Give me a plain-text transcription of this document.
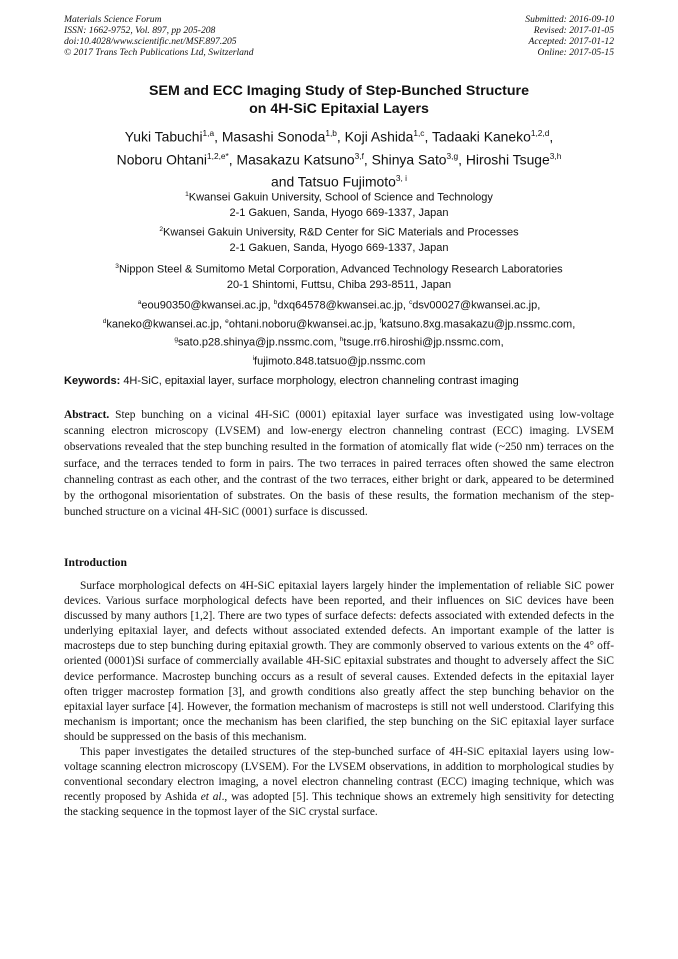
Materials Science Forum
ISSN: 1662-9752, Vol. 897, pp 205-208
doi:10.4028/www.scientific.net/MSF.897.205
© 2017 Trans Tech Publications Ltd, Switzerland
Submitted: 2016-09-10
Revised: 2017-01-05
Accepted: 2017-01-12
Online: 2017-05-15
SEM and ECC Imaging Study of Step-Bunched Structure
on 4H-SiC Epitaxial Layers
Yuki Tabuchi$^{1,a}$, Masashi Sonoda$^{1,b}$, Koji Ashida$^{1,c}$, Tadaaki Kaneko$^{1,2,d}$,
Noboru Ohtani$^{1,2,e*}$, Masakazu Katsuno$^{3,f}$, Shinya Sato$^{3,g}$, Hiroshi Tsuge$^{3,h}$
and Tatsuo Fujimoto$^{3, i}$
$^1$Kwansei Gakuin University, School of Science and Technology
2-1 Gakuen, Sanda, Hyogo 669-1337, Japan
$^2$Kwansei Gakuin University, R&D Center for SiC Materials and Processes
2-1 Gakuen, Sanda, Hyogo 669-1337, Japan
$^3$Nippon Steel & Sumitomo Metal Corporation, Advanced Technology Research Laboratories
20-1 Shintomi, Futtsu, Chiba 293-8511, Japan
$^a$eou90350@kwansei.ac.jp, $^b$dxq64578@kwansei.ac.jp, $^c$dsv00027@kwansei.ac.jp,
$^d$kaneko@kwansei.ac.jp, $^e$ohtani.noboru@kwansei.ac.jp, $^f$katsuno.8xg.masakazu@jp.nssmc.com,
$^g$sato.p28.shinya@jp.nssmc.com, $^h$tsuge.rr6.hiroshi@jp.nssmc.com,
$^i$fujimoto.848.tatsuo@jp.nssmc.com
Keywords: 4H-SiC, epitaxial layer, surface morphology, electron channeling contrast imaging
Abstract. Step bunching on a vicinal 4H-SiC (0001) epitaxial layer surface was investigated using low-voltage scanning electron microscopy (LVSEM) and low-energy electron channeling contrast (ECC) imaging. LVSEM observations revealed that the step bunching resulted in the formation of atomically flat wide (~250 nm) terraces on the surface, and the terraces tended to form in pairs. The two terraces in paired terraces often showed the same electron channeling contrast as each other, and the contrast of the two terraces, either bright or dark, appeared to be determined by the orthogonal misorientation of substrates. On the basis of these results, the formation mechanism of the step-bunched structure on a vicinal 4H-SiC (0001) surface is discussed.
Introduction

Surface morphological defects on 4H-SiC epitaxial layers largely hinder the implementation of reliable SiC power devices. Various surface morphological defects have been reported, and their influences on SiC devices have been discussed by many authors [1,2]. There are two types of surface defects: defects associated with extended defects in the underlying epitaxial layer, and defects without associated extended defects. An important example of the latter is macrosteps due to step bunching during epitaxial growth. They are commonly observed to various extents on the 4° off-oriented (0001)Si surface of commercially available 4H-SiC epitaxial substrates and thought to adversely affect the SiC device performance. Macrostep bunching occurs as a result of several causes. Extended defects in the epitaxial layer often trigger macrostep formation [3], and growth conditions also greatly affect the step bunching behavior on the epitaxial layer surface [4]. However, the formation mechanism of macrosteps is still not well understood. Clarifying this mechanism is important; once the mechanism has been clarified, the step bunching on the SiC epitaxial layer surface should be suppressed on the basis of this mechanism.

This paper investigates the detailed structures of the step-bunched surface of 4H-SiC epitaxial layers using low-voltage scanning electron microscopy (LVSEM). For the LVSEM observations, in addition to morphological studies by conventional secondary electron imaging, a novel electron channeling contrast (ECC) imaging technique, which was recently proposed by Ashida et al., was adopted [5]. This technique shows an extremely high sensitivity for detecting the stacking sequence in the topmost layer of the SiC crystal surface.
